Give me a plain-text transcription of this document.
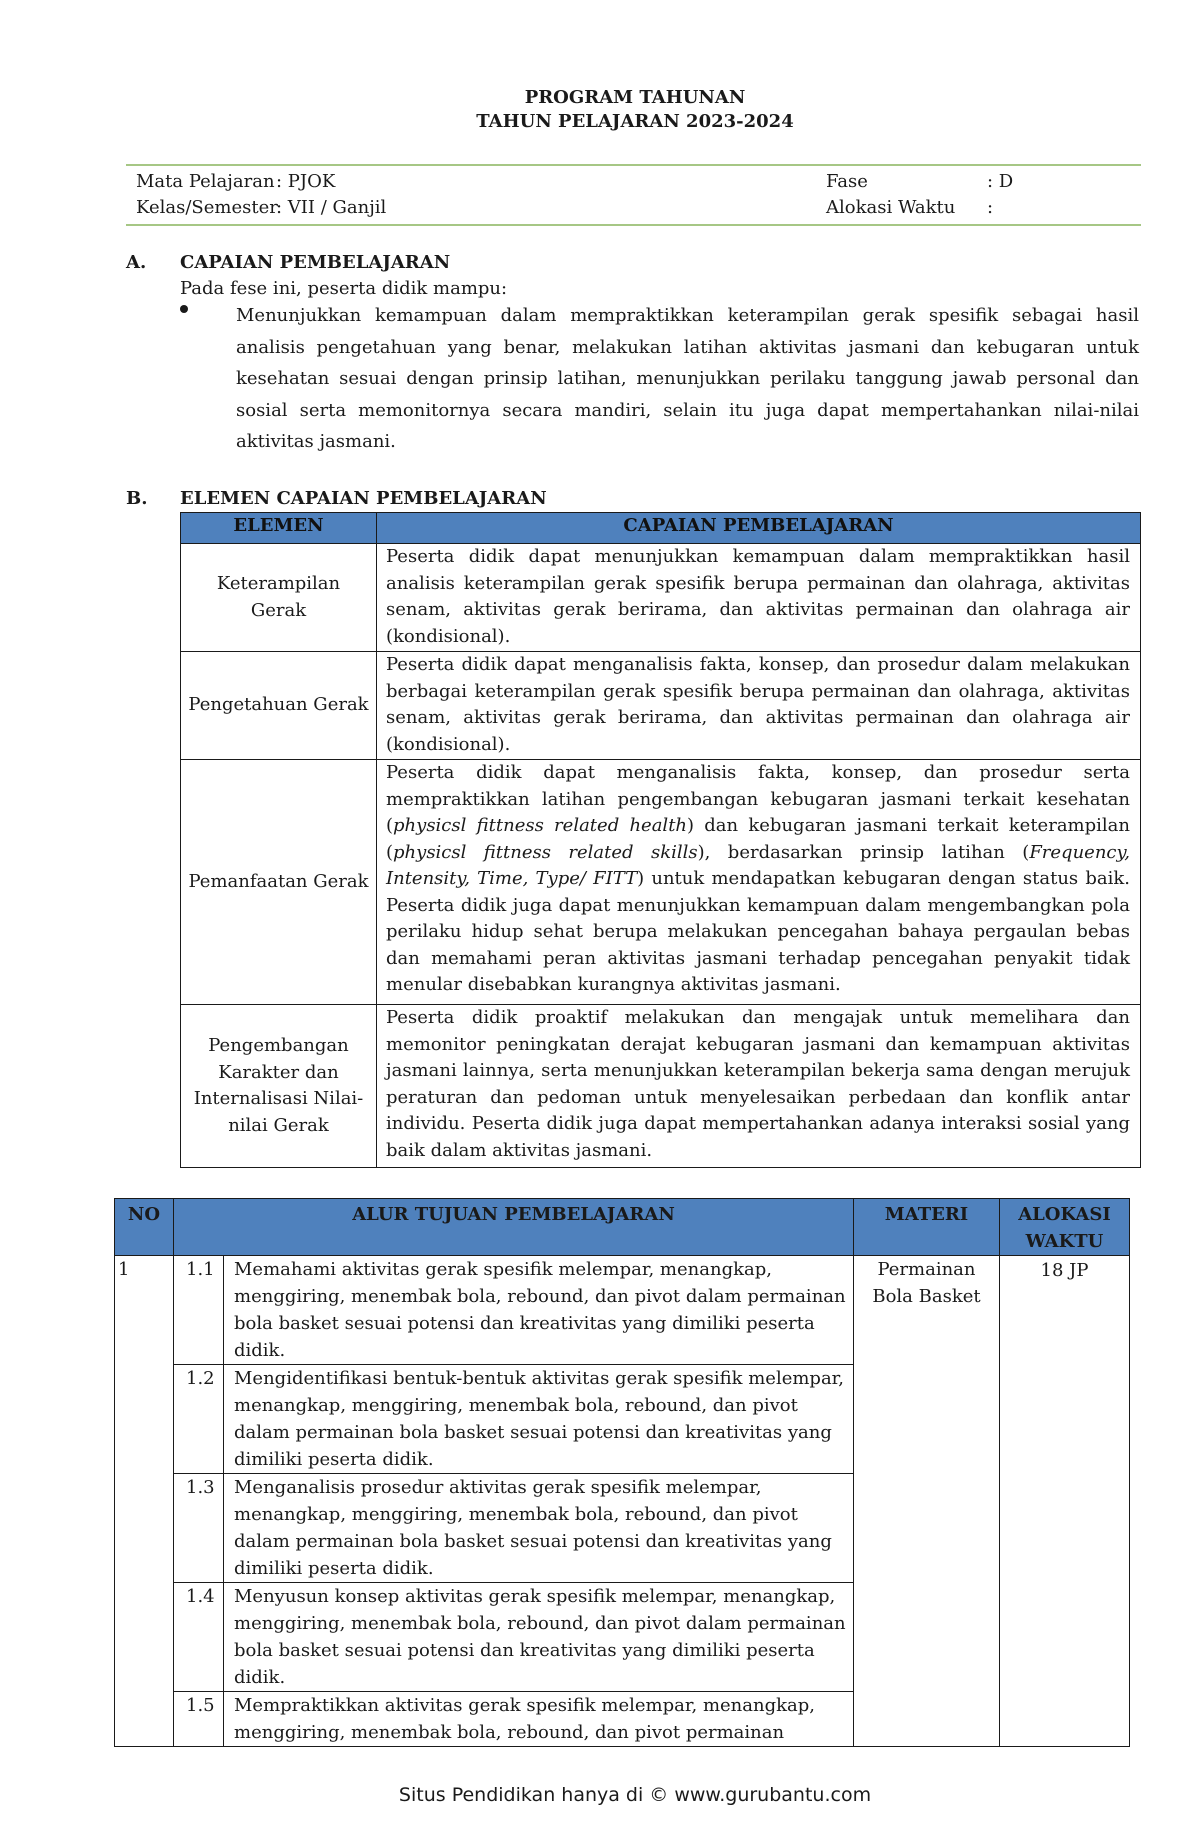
PROGRAM TAHUNAN
TAHUN PELAJARAN 2023-2024
Mata Pelajaran : PJOK
Kelas/Semester
: VII / Ganjil
Fase	: D
Alokasi Waktu :
A. CAPAIAN PEMBELAJARAN
Pada fese ini, peserta didik mampu:
Menunjukkan kemampuan dalam mempraktikkan keterampilan gerak spesifik sebagai hasil analisis pengetahuan yang benar, melakukan latihan aktivitas jasmani dan kebugaran untuk kesehatan sesuai dengan prinsip latihan, menunjukkan perilaku tanggung jawab personal dan sosial serta memonitornya secara mandiri, selain itu juga dapat mempertahankan nilai-nilai aktivitas jasmani.
B. ELEMEN CAPAIAN PEMBELAJARAN
ELEMEN	CAPAIAN PEMBELAJARAN
Keterampilan Gerak	Peserta didik dapat menunjukkan kemampuan dalam mempraktikkan hasil analisis keterampilan gerak spesifik berupa permainan dan olahraga, aktivitas senam, aktivitas gerak berirama, dan aktivitas permainan dan olahraga air (kondisional).
Pengetahuan Gerak	Peserta didik dapat menganalisis fakta, konsep, dan prosedur dalam melakukan berbagai keterampilan gerak spesifik berupa permainan dan olahraga, aktivitas senam, aktivitas gerak berirama, dan aktivitas permainan dan olahraga air (kondisional).
Pemanfaatan Gerak	Peserta didik dapat menganalisis fakta, konsep, dan prosedur serta mempraktikkan latihan pengembangan kebugaran jasmani terkait kesehatan (physicsl fittness related health) dan kebugaran jasmani terkait keterampilan (physicsl fittness related skills), berdasarkan prinsip latihan (Frequency, Intensity, Time, Type/ FITT) untuk mendapatkan kebugaran dengan status baik. Peserta didik juga dapat menunjukkan kemampuan dalam mengembangkan pola perilaku hidup sehat berupa melakukan pencegahan bahaya pergaulan bebas dan memahami peran aktivitas jasmani terhadap pencegahan penyakit tidak menular disebabkan kurangnya aktivitas jasmani.
Pengembangan Karakter dan Internalisasi Nilai-nilai Gerak	Peserta didik proaktif melakukan dan mengajak untuk memelihara dan memonitor peningkatan derajat kebugaran jasmani dan kemampuan aktivitas jasmani lainnya, serta menunjukkan keterampilan bekerja sama dengan merujuk peraturan dan pedoman untuk menyelesaikan perbedaan dan konflik antar individu. Peserta didik juga dapat mempertahankan adanya interaksi sosial yang baik dalam aktivitas jasmani.
NO	ALUR TUJUAN PEMBELAJARAN		MATERI	ALOKASI WAKTU
1	1.1	Memahami aktivitas gerak spesifik melempar, menangkap, menggiring, menembak bola, rebound, dan pivot dalam permainan bola basket sesuai potensi dan kreativitas yang dimiliki peserta didik.	Permainan Bola Basket	18 JP
	1.2	Mengidentifikasi bentuk-bentuk aktivitas gerak spesifik melempar, menangkap, menggiring, menembak bola, rebound, dan pivot dalam permainan bola basket sesuai potensi dan kreativitas yang dimiliki peserta didik.		
	1.3	Menganalisis prosedur aktivitas gerak spesifik melempar, menangkap, menggiring, menembak bola, rebound, dan pivot dalam permainan bola basket sesuai potensi dan kreativitas yang dimiliki peserta didik.		
	1.4	Menyusun konsep aktivitas gerak spesifik melempar, menangkap, menggiring, menembak bola, rebound, dan pivot dalam permainan bola basket sesuai potensi dan kreativitas yang dimiliki peserta didik.		
	1.5	Mempraktikkan aktivitas gerak spesifik melempar, menangkap, menggiring, menembak bola, rebound, dan pivot permainan		
Situs Pendidikan hanya di © www.gurubantu.com
